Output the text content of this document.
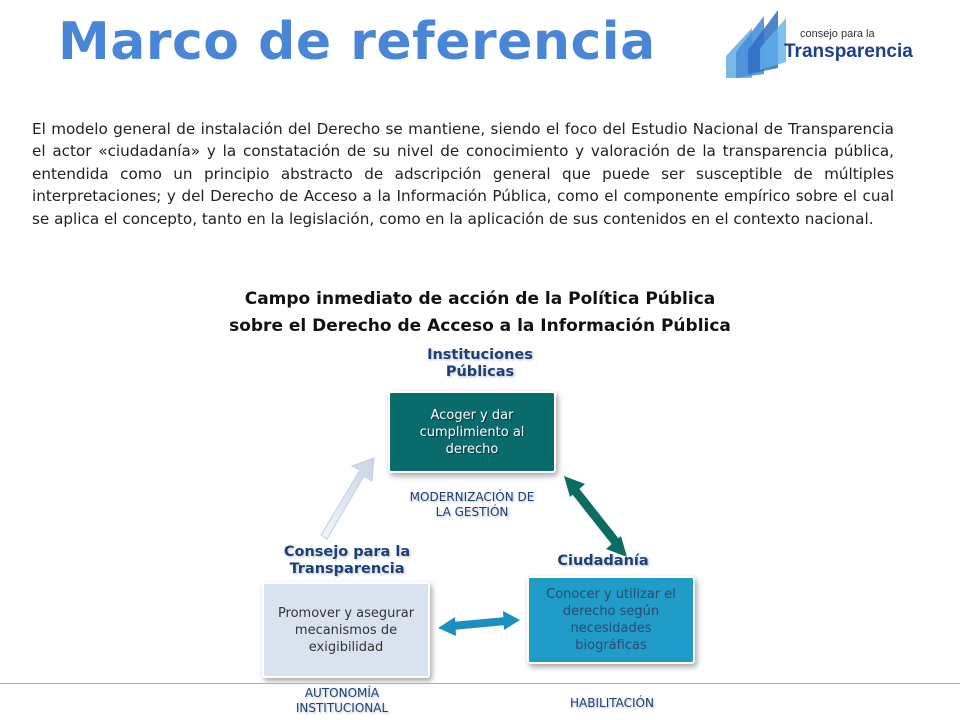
Marco de referencia	consejo para la
Transparencia
El modelo general de instalación del Derecho se mantiene, siendo el foco del Estudio Nacional de Transparencia el actor «ciudadanía» y la constatación de su nivel de conocimiento y valoración de la transparencia pública, entendida como un principio abstracto de adscripción general que puede ser susceptible de múltiples interpretaciones; y del Derecho de Acceso a la Información Pública, como el componente empírico sobre el cual se aplica el concepto, tanto en la legislación, como en la aplicación de sus contenidos en el contexto nacional.
Campo inmediato de acción de la Política Pública
sobre el Derecho de Acceso a la Información Pública
Instituciones
Públicas
Acoger y dar cumplimiento al derecho
MODERNIZACIÓN DE
LA GESTIÓN
Consejo para la
Transparencia	Ciudadanía
Promover y asegurar mecanismos de exigibilidad
Conocer y utilizar el derecho según necesidades biográficas
AUTONOMÍA
INSTITUCIONAL	HABILITACIÓN
